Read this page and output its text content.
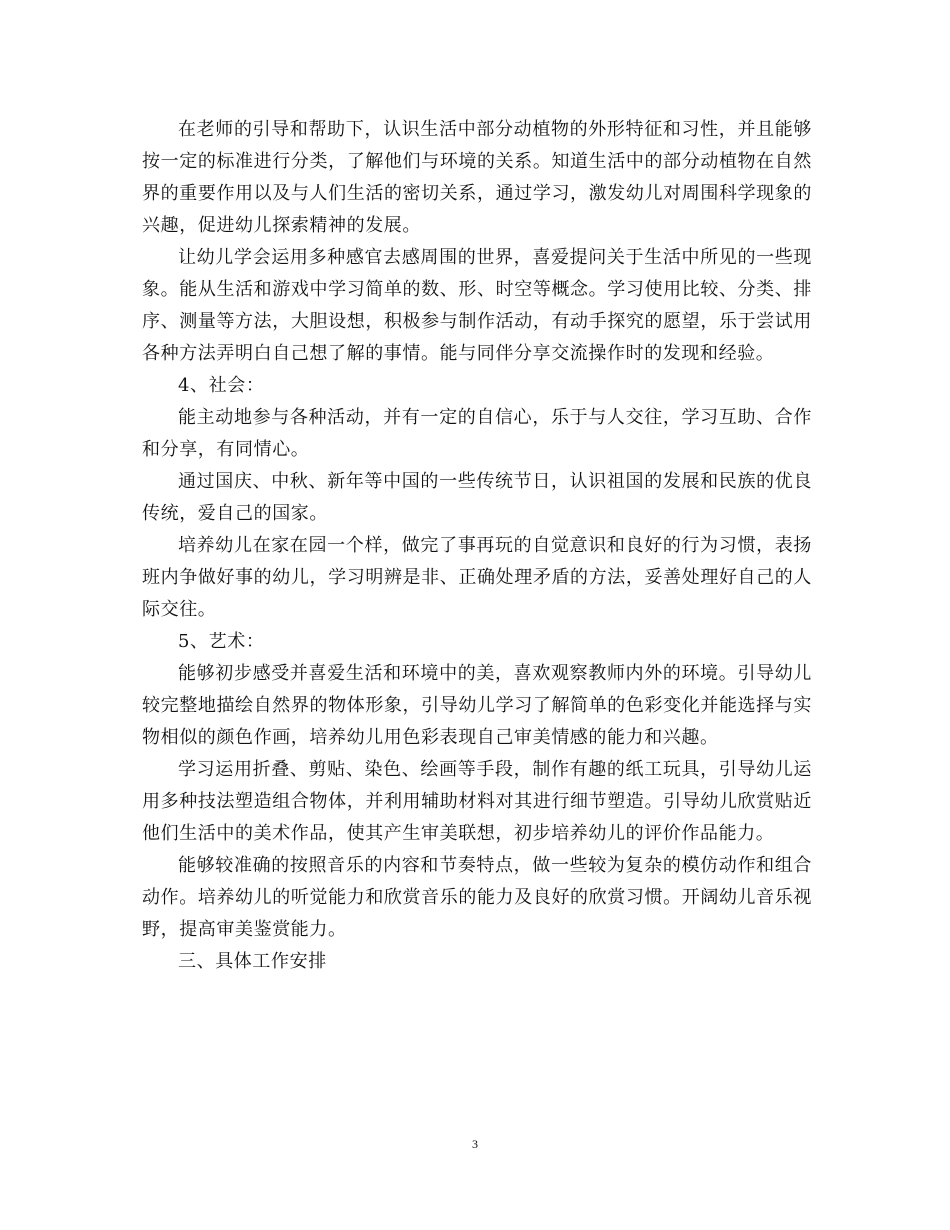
在老师的引导和帮助下，认识生活中部分动植物的外形特征和习性，并且能够按一定的标准进行分类，了解他们与环境的关系。知道生活中的部分动植物在自然界的重要作用以及与人们生活的密切关系，通过学习，激发幼儿对周围科学现象的兴趣，促进幼儿探索精神的发展。

让幼儿学会运用多种感官去感周围的世界，喜爱提问关于生活中所见的一些现象。能从生活和游戏中学习简单的数、形、时空等概念。学习使用比较、分类、排序、测量等方法，大胆设想，积极参与制作活动，有动手探究的愿望，乐于尝试用各种方法弄明白自己想了解的事情。能与同伴分享交流操作时的发现和经验。

4、社会：

能主动地参与各种活动，并有一定的自信心，乐于与人交往，学习互助、合作和分享，有同情心。

通过国庆、中秋、新年等中国的一些传统节日，认识祖国的发展和民族的优良传统，爱自己的国家。

培养幼儿在家在园一个样，做完了事再玩的自觉意识和良好的行为习惯，表扬班内争做好事的幼儿，学习明辨是非、正确处理矛盾的方法，妥善处理好自己的人际交往。

5、艺术：

能够初步感受并喜爱生活和环境中的美，喜欢观察教师内外的环境。引导幼儿较完整地描绘自然界的物体形象，引导幼儿学习了解简单的色彩变化并能选择与实物相似的颜色作画，培养幼儿用色彩表现自己审美情感的能力和兴趣。

学习运用折叠、剪贴、染色、绘画等手段，制作有趣的纸工玩具，引导幼儿运用多种技法塑造组合物体，并利用辅助材料对其进行细节塑造。引导幼儿欣赏贴近他们生活中的美术作品，使其产生审美联想，初步培养幼儿的评价作品能力。

能够较准确的按照音乐的内容和节奏特点，做一些较为复杂的模仿动作和组合动作。培养幼儿的听觉能力和欣赏音乐的能力及良好的欣赏习惯。开阔幼儿音乐视野，提高审美鉴赏能力。

三、具体工作安排

3
